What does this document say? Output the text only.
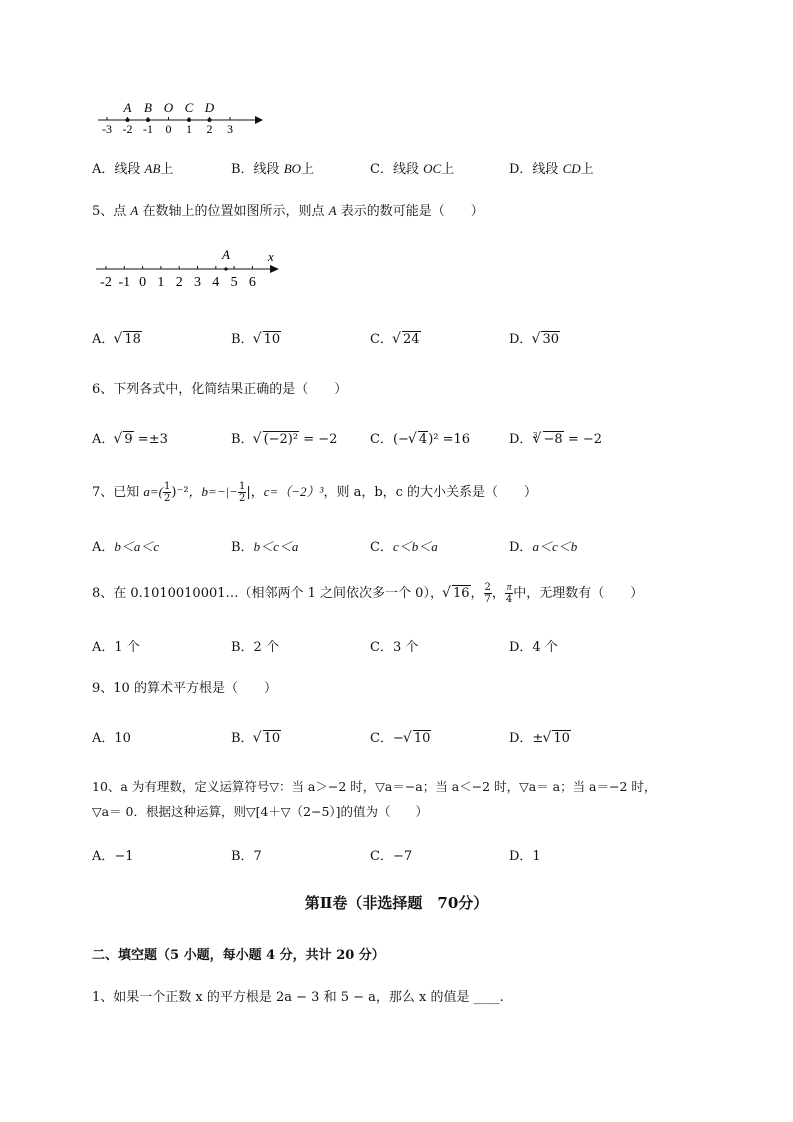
-3 -2 -1 0 1 2 3
A B O C D
A．线段 AB上	B．线段 BO上	C．线段 OC上	D．线段 CD上
5、点 A 在数轴上的位置如图所示，则点 A 表示的数可能是（　　）
-2 -1 0 1 2 3 4 5 6
A	x
A． √ 18	B． √ 10	C． √ 24	D． √ 30
6、下列各式中，化简结果正确的是（　　）
A． √ 9 =±3	B． √ (−2)² = −2	C．(− √ 4)² =16	D．$^3$ √ −8 = −2
7、已知 $a=( \frac{1}{2} )^{-2}$，$b=-|- \frac{1}{2}$ |，c=（−2）³，则 a，b，c 的大小关系是（　　）
A．b＜a＜c	B．b＜c＜a	C．c＜b＜a	D．a＜c＜b
8、在 0.1010010001…（相邻两个 1 之间依次多一个 0）， √ 16， $\frac{2}{7}$ ， $\frac{\pi}{4}$ 中，无理数有（　　）
A．1 个	B．2 个	C．3 个	D．4 个
9、10 的算术平方根是（　　）
A．10	B． √ 10	C．− √ 10	D．± √ 10
10、a 为有理数，定义运算符号▽：当 a＞−2 时，▽a＝−a；当 a＜−2 时，▽a＝ a；当 a＝−2 时，
▽a＝ 0．根据这种运算，则▽[4＋▽（2−5）]的值为（　　）
A．−1	B．7	C．−7	D．1
第Ⅱ卷（非选择题　70分）
二、填空题（5 小题，每小题 4 分，共计 20 分）
1、如果一个正数 x 的平方根是 2a − 3 和 5 − a，那么 x 的值是 ____.
